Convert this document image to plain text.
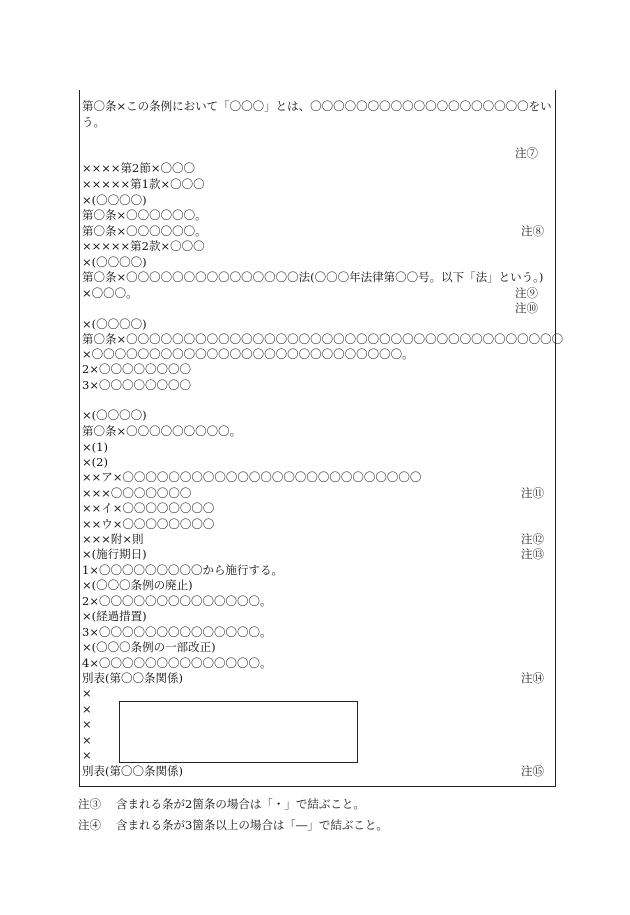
第〇条×この条例において「〇〇〇」とは、〇〇〇〇〇〇〇〇〇〇〇〇〇〇〇〇〇〇〇をい
う。
××××第2節×〇〇〇
×××××第1款×〇〇〇
×(〇〇〇〇)
第〇条×〇〇〇〇〇〇。
第〇条×〇〇〇〇〇〇。
×××××第2款×〇〇〇
×(〇〇〇〇)
第〇条×〇〇〇〇〇〇〇〇〇〇〇〇〇〇〇法(〇〇〇年法律第〇〇号。以下「法」という。)
×〇〇〇。
×(〇〇〇〇)
第〇条×〇〇〇〇〇〇〇〇〇〇〇〇〇〇〇〇〇〇〇〇〇〇〇〇〇〇〇〇〇〇〇〇〇〇〇〇〇〇
×〇〇〇〇〇〇〇〇〇〇〇〇〇〇〇〇〇〇〇〇〇〇〇〇〇〇〇。
2×〇〇〇〇〇〇〇〇
3×〇〇〇〇〇〇〇〇
×(〇〇〇〇)
第〇条×〇〇〇〇〇〇〇〇〇。
×(1)
×(2)
××ア×〇〇〇〇〇〇〇〇〇〇〇〇〇〇〇〇〇〇〇〇〇〇〇〇〇〇
×××〇〇〇〇〇〇〇
××イ×〇〇〇〇〇〇〇〇
××ウ×〇〇〇〇〇〇〇〇
×××附×則
×(施行期日)
1×〇〇〇〇〇〇〇〇〇から施行する。
×(〇〇〇条例の廃止)
2×〇〇〇〇〇〇〇〇〇〇〇〇〇〇。
×(経過措置)
3×〇〇〇〇〇〇〇〇〇〇〇〇〇〇。
×(〇〇〇条例の一部改正)
4×〇〇〇〇〇〇〇〇〇〇〇〇〇〇。
別表(第〇〇条関係)
×
×
×
×
×
別表(第〇〇条関係)
注⑦
注⑧
注⑨
注⑩
注⑪
注⑫
注⑬
注⑭
注⑮
注③ 含まれる条が2箇条の場合は「・」で結ぶこと。
注④ 含まれる条が3箇条以上の場合は「―」で結ぶこと。
